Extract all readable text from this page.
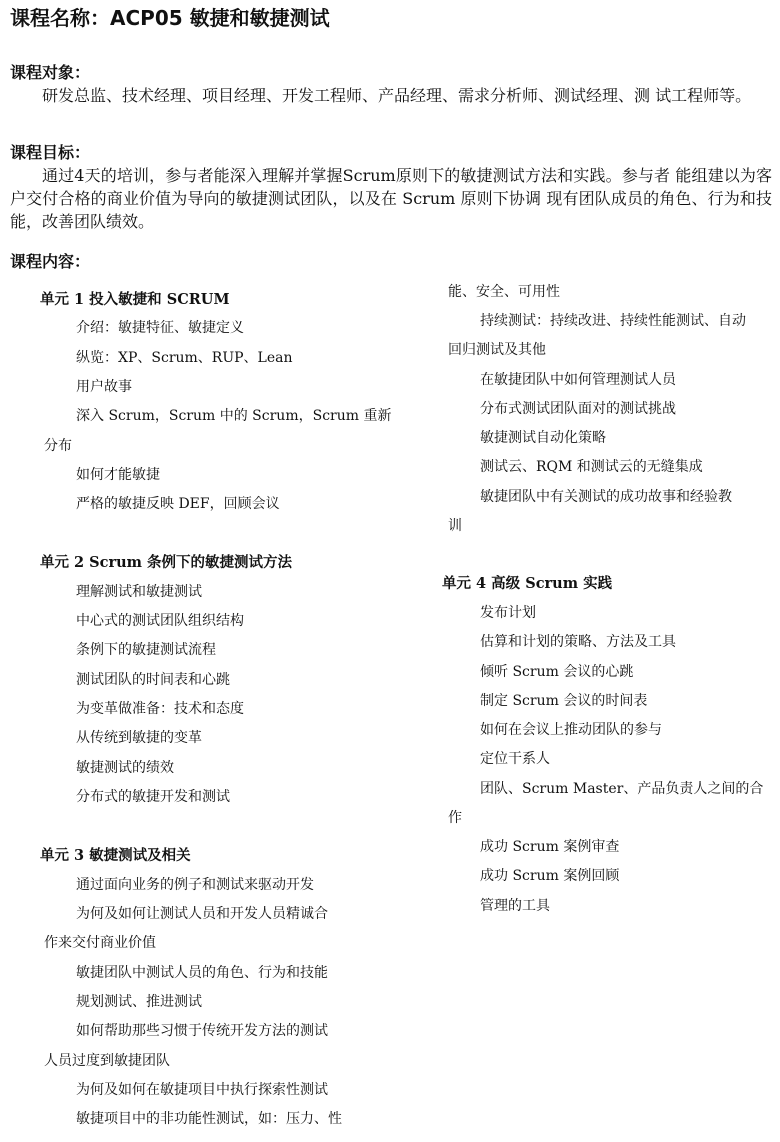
课程名称：ACP05 敏捷和敏捷测试
课程对象：
研发总监、技术经理、项目经理、开发工程师、产品经理、需求分析师、测试经理、测 试工程师等。
课程目标：
通过4天的培训，参与者能深入理解并掌握Scrum原则下的敏捷测试方法和实践。参与者 能组建以为客户交付合格的商业价值为导向的敏捷测试团队，以及在 Scrum 原则下协调 现有团队成员的角色、行为和技能，改善团队绩效。
课程内容：
单元 1 投入敏捷和 SCRUM
介绍：敏捷特征、敏捷定义
纵览：XP、Scrum、RUP、Lean
用户故事
深入 Scrum，Scrum 中的 Scrum，Scrum 重新
分布
如何才能敏捷
严格的敏捷反映 DEF，回顾会议
单元 2 Scrum 条例下的敏捷测试方法
理解测试和敏捷测试
中心式的测试团队组织结构
条例下的敏捷测试流程
测试团队的时间表和心跳
为变革做准备：技术和态度
从传统到敏捷的变革
敏捷测试的绩效
分布式的敏捷开发和测试
单元 3 敏捷测试及相关
通过面向业务的例子和测试来驱动开发
为何及如何让测试人员和开发人员精诚合
作来交付商业价值
敏捷团队中测试人员的角色、行为和技能
规划测试、推进测试
如何帮助那些习惯于传统开发方法的测试
人员过度到敏捷团队
为何及如何在敏捷项目中执行探索性测试
敏捷项目中的非功能性测试，如：压力、性
能、安全、可用性
持续测试：持续改进、持续性能测试、自动
回归测试及其他
在敏捷团队中如何管理测试人员
分布式测试团队面对的测试挑战
敏捷测试自动化策略
测试云、RQM 和测试云的无缝集成
敏捷团队中有关测试的成功故事和经验教
训
单元 4 高级 Scrum 实践
发布计划
估算和计划的策略、方法及工具
倾听 Scrum 会议的心跳
制定 Scrum 会议的时间表
如何在会议上推动团队的参与
定位干系人
团队、Scrum Master、产品负责人之间的合
作
成功 Scrum 案例审查
成功 Scrum 案例回顾
管理的工具
